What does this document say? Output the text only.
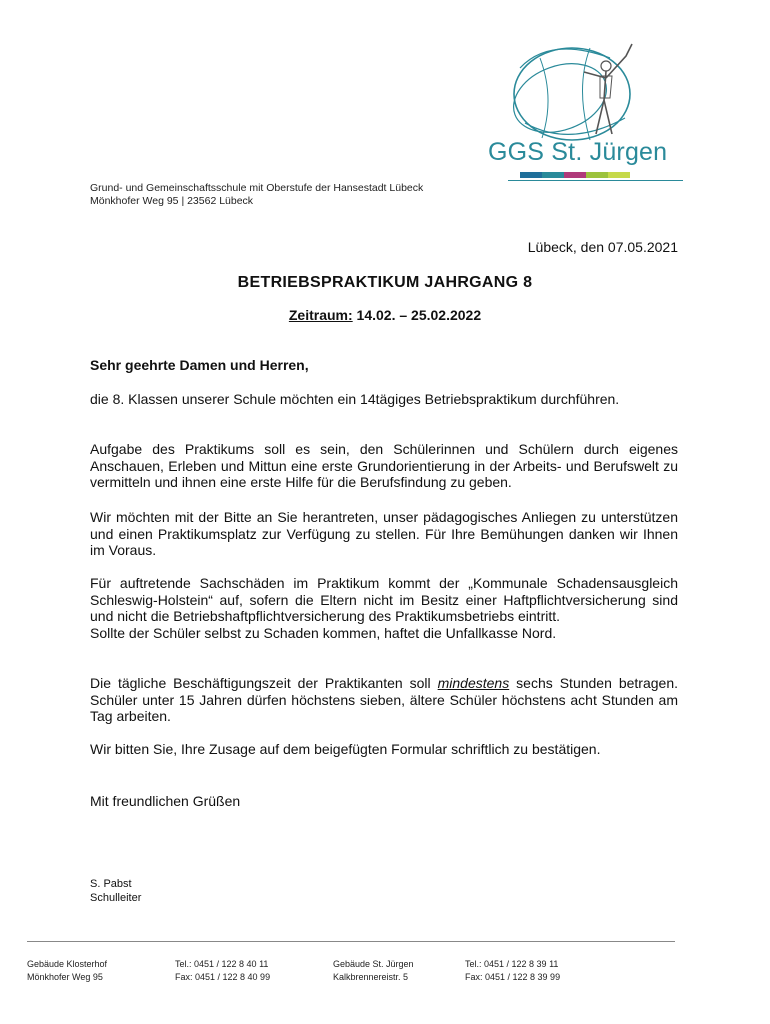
GGS St. Jürgen
Grund- und Gemeinschaftsschule mit Oberstufe der Hansestadt Lübeck
Mönkhofer Weg 95 | 23562 Lübeck
Lübeck, den 07.05.2021
BETRIEBSPRAKTIKUM JAHRGANG 8
Zeitraum: 14.02. – 25.02.2022
Sehr geehrte Damen und Herren,
die 8. Klassen unserer Schule möchten ein 14tägiges Betriebspraktikum durchführen.
Aufgabe des Praktikums soll es sein, den Schülerinnen und Schülern durch eigenes Anschauen, Erleben und Mittun eine erste Grundorientierung in der Arbeits- und Berufswelt zu vermitteln und ihnen eine erste Hilfe für die Berufsfindung zu geben.
Wir möchten mit der Bitte an Sie herantreten, unser pädagogisches Anliegen zu unterstützen und einen Praktikumsplatz zur Verfügung zu stellen. Für Ihre Bemühungen danken wir Ihnen im Voraus.
Für auftretende Sachschäden im Praktikum kommt der „Kommunale Schadensausgleich Schleswig-Holstein“ auf, sofern die Eltern nicht im Besitz einer Haftpflichtversicherung sind und nicht die Betriebshaftpflichtversicherung des Praktikumsbetriebs eintritt.
Sollte der Schüler selbst zu Schaden kommen, haftet die Unfallkasse Nord.
Die tägliche Beschäftigungszeit der Praktikanten soll mindestens sechs Stunden betragen. Schüler unter 15 Jahren dürfen höchstens sieben, ältere Schüler höchstens acht Stunden am Tag arbeiten.
Wir bitten Sie, Ihre Zusage auf dem beigefügten Formular schriftlich zu bestätigen.
Mit freundlichen Grüßen
S. Pabst
Schulleiter
Gebäude Klosterhof
Mönkhofer Weg 95
Tel.: 0451 / 122 8 40 11
Fax: 0451 / 122 8 40 99
Gebäude St. Jürgen
Kalkbrennereistr. 5
Tel.: 0451 / 122 8 39 11
Fax: 0451 / 122 8 39 99
